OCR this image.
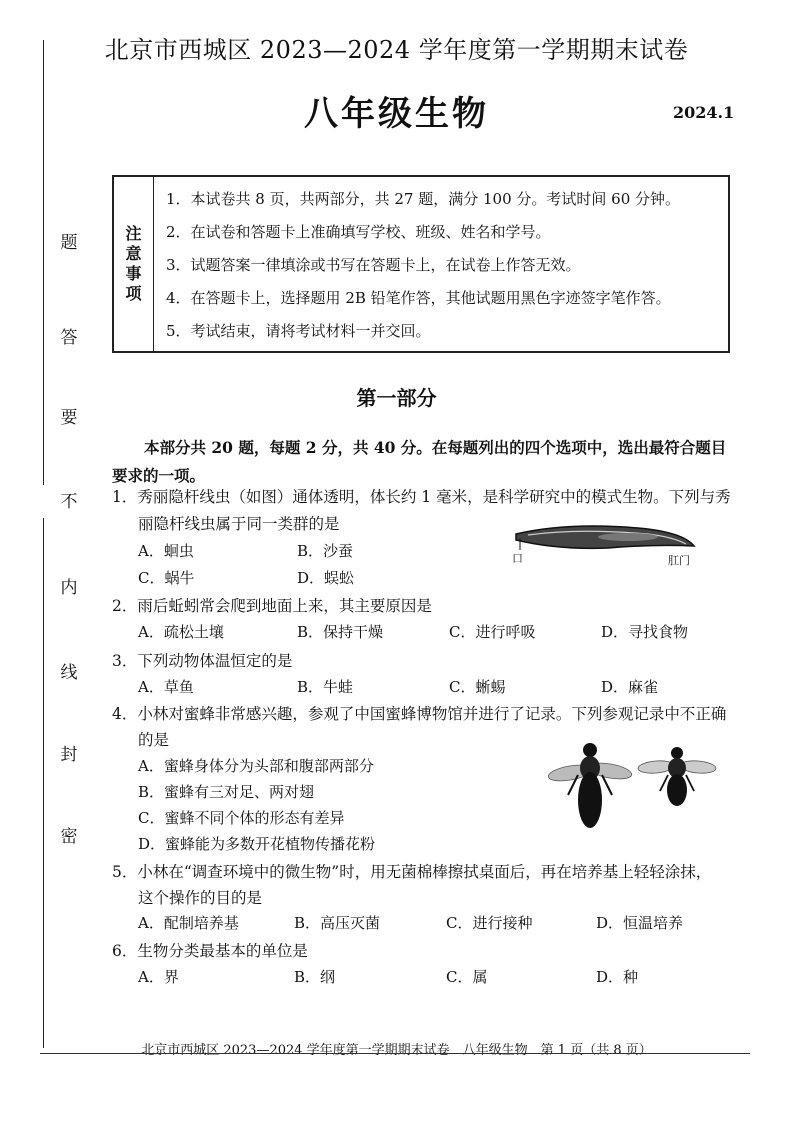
题
答
要
不
内
线
封
密
北京市西城区 2023—2024 学年度第一学期期末试卷
八年级生物	2024.1
注
意
事
项
1．本试卷共 8 页，共两部分，共 27 题，满分 100 分。考试时间 60 分钟。
2．在试卷和答题卡上准确填写学校、班级、姓名和学号。
3．试题答案一律填涂或书写在答题卡上，在试卷上作答无效。
4．在答题卡上，选择题用 2B 铅笔作答，其他试题用黑色字迹签字笔作答。
5．考试结束，请将考试材料一并交回。
第一部分
本部分共 20 题，每题 2 分，共 40 分。在每题列出的四个选项中，选出最符合题目要求的一项。
1．秀丽隐杆线虫（如图）通体透明，体长约 1 毫米，是科学研究中的模式生物。下列与秀
丽隐杆线虫属于同一类群的是
A．蛔虫	B．沙蚕
C．蜗牛	D．蜈蚣
口	肛门
2．雨后蚯蚓常会爬到地面上来，其主要原因是
A．疏松土壤	B．保持干燥	C．进行呼吸	D．寻找食物
3．下列动物体温恒定的是
A．草鱼	B．牛蛙	C．蜥蜴	D．麻雀
4．小林对蜜蜂非常感兴趣，参观了中国蜜蜂博物馆并进行了记录。下列参观记录中不正确
的是
A．蜜蜂身体分为头部和腹部两部分
B．蜜蜂有三对足、两对翅
C．蜜蜂不同个体的形态有差异
D．蜜蜂能为多数开花植物传播花粉
5．小林在“调查环境中的微生物”时，用无菌棉棒擦拭桌面后，再在培养基上轻轻涂抹，
这个操作的目的是
A．配制培养基	B．高压灭菌	C．进行接种	D．恒温培养
6．生物分类最基本的单位是
A．界	B．纲	C．属	D．种
北京市西城区 2023—2024 学年度第一学期期末试卷　八年级生物　第 1 页（共 8 页）
